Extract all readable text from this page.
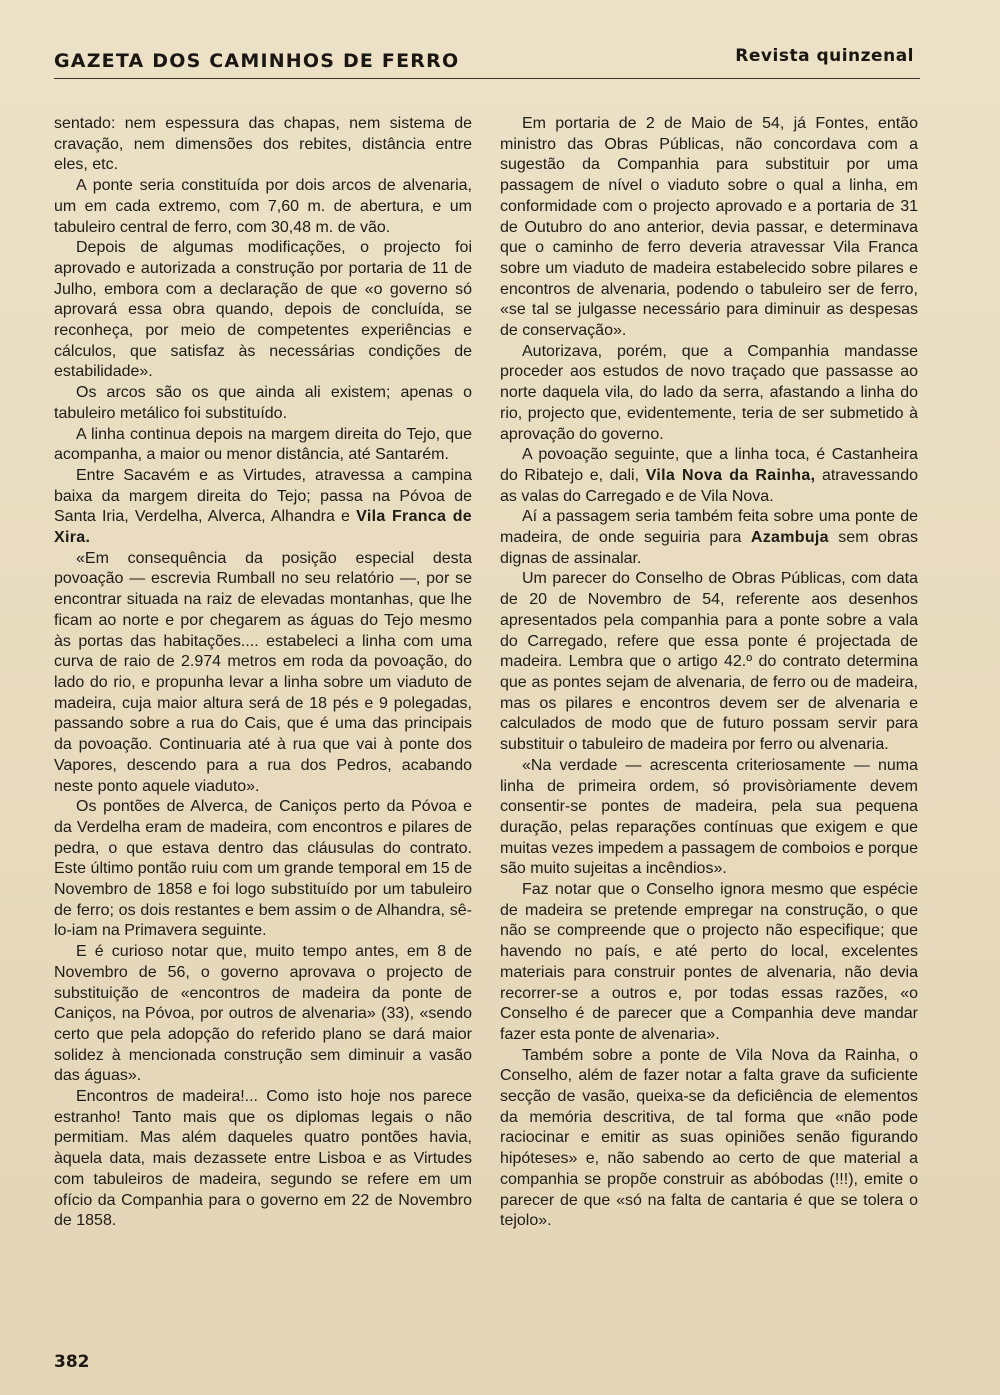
GAZETA DOS CAMINHOS DE FERRO	Revista quinzenal

sentado: nem espessura das chapas, nem sistema de cravação, nem dimensões dos rebites, distância entre eles, etc.

A ponte seria constituída por dois arcos de alvenaria, um em cada extremo, com 7,60 m. de abertura, e um tabuleiro central de ferro, com 30,48 m. de vão.

Depois de algumas modificações, o projecto foi aprovado e autorizada a construção por portaria de 11 de Julho, embora com a declaração de que «o governo só aprovará essa obra quando, depois de concluída, se reconheça, por meio de competentes experiências e cálculos, que satisfaz às necessárias condições de estabilidade».

Os arcos são os que ainda ali existem; apenas o tabuleiro metálico foi substituído.

A linha continua depois na margem direita do Tejo, que acompanha, a maior ou menor distância, até Santarém.

Entre Sacavém e as Virtudes, atravessa a campina baixa da margem direita do Tejo; passa na Póvoa de Santa Iria, Verdelha, Alverca, Alhandra e Vila Franca de Xira.

«Em consequência da posição especial desta povoação — escrevia Rumball no seu relatório —, por se encontrar situada na raiz de elevadas montanhas, que lhe ficam ao norte e por chegarem as águas do Tejo mesmo às portas das habitações.... estabeleci a linha com uma curva de raio de 2.974 metros em roda da povoação, do lado do rio, e propunha levar a linha sobre um viaduto de madeira, cuja maior altura será de 18 pés e 9 polegadas, passando sobre a rua do Cais, que é uma das principais da povoação. Continuaria até à rua que vai à ponte dos Vapores, descendo para a rua dos Pedros, acabando neste ponto aquele viaduto».

Os pontões de Alverca, de Caniços perto da Póvoa e da Verdelha eram de madeira, com encontros e pilares de pedra, o que estava dentro das cláusulas do contrato. Este último pontão ruiu com um grande temporal em 15 de Novembro de 1858 e foi logo substituído por um tabuleiro de ferro; os dois restantes e bem assim o de Alhandra, sê-lo-iam na Primavera seguinte.

E é curioso notar que, muito tempo antes, em 8 de Novembro de 56, o governo aprovava o projecto de substituição de «encontros de madeira da ponte de Caniços, na Póvoa, por outros de alvenaria» (33), «sendo certo que pela adopção do referido plano se dará maior solidez à mencionada construção sem diminuir a vasão das águas».

Encontros de madeira!... Como isto hoje nos parece estranho! Tanto mais que os diplomas legais o não permitiam. Mas além daqueles quatro pontões havia, àquela data, mais dezassete entre Lisboa e as Virtudes com tabuleiros de madeira, segundo se refere em um ofício da Companhia para o governo em 22 de Novembro de 1858.

Em portaria de 2 de Maio de 54, já Fontes, então ministro das Obras Públicas, não concordava com a sugestão da Companhia para substituir por uma passagem de nível o viaduto sobre o qual a linha, em conformidade com o projecto aprovado e a portaria de 31 de Outubro do ano anterior, devia passar, e determinava que o caminho de ferro deveria atravessar Vila Franca sobre um viaduto de madeira estabelecido sobre pilares e encontros de alvenaria, podendo o tabuleiro ser de ferro, «se tal se julgasse necessário para diminuir as despesas de conservação».

Autorizava, porém, que a Companhia mandasse proceder aos estudos de novo traçado que passasse ao norte daquela vila, do lado da serra, afastando a linha do rio, projecto que, evidentemente, teria de ser submetido à aprovação do governo.

A povoação seguinte, que a linha toca, é Castanheira do Ribatejo e, dali, Vila Nova da Rainha, atravessando as valas do Carregado e de Vila Nova.

Aí a passagem seria também feita sobre uma ponte de madeira, de onde seguiria para Azambuja sem obras dignas de assinalar.

Um parecer do Conselho de Obras Públicas, com data de 20 de Novembro de 54, referente aos desenhos apresentados pela companhia para a ponte sobre a vala do Carregado, refere que essa ponte é projectada de madeira. Lembra que o artigo 42.º do contrato determina que as pontes sejam de alvenaria, de ferro ou de madeira, mas os pilares e encontros devem ser de alvenaria e calculados de modo que de futuro possam servir para substituir o tabuleiro de madeira por ferro ou alvenaria.

«Na verdade — acrescenta criteriosamente — numa linha de primeira ordem, só provisòriamente devem consentir-se pontes de madeira, pela sua pequena duração, pelas reparações contínuas que exigem e que muitas vezes impedem a passagem de comboios e porque são muito sujeitas a incêndios».

Faz notar que o Conselho ignora mesmo que espécie de madeira se pretende empregar na construção, o que não se compreende que o projecto não especifique; que havendo no país, e até perto do local, excelentes materiais para construir pontes de alvenaria, não devia recorrer-se a outros e, por todas essas razões, «o Conselho é de parecer que a Companhia deve mandar fazer esta ponte de alvenaria».

Também sobre a ponte de Vila Nova da Rainha, o Conselho, além de fazer notar a falta grave da suficiente secção de vasão, queixa-se da deficiência de elementos da memória descritiva, de tal forma que «não pode raciocinar e emitir as suas opiniões senão figurando hipóteses» e, não sabendo ao certo de que material a companhia se propõe construir as abóbodas (!!!), emite o parecer de que «só na falta de cantaria é que se tolera o tejolo».

382
